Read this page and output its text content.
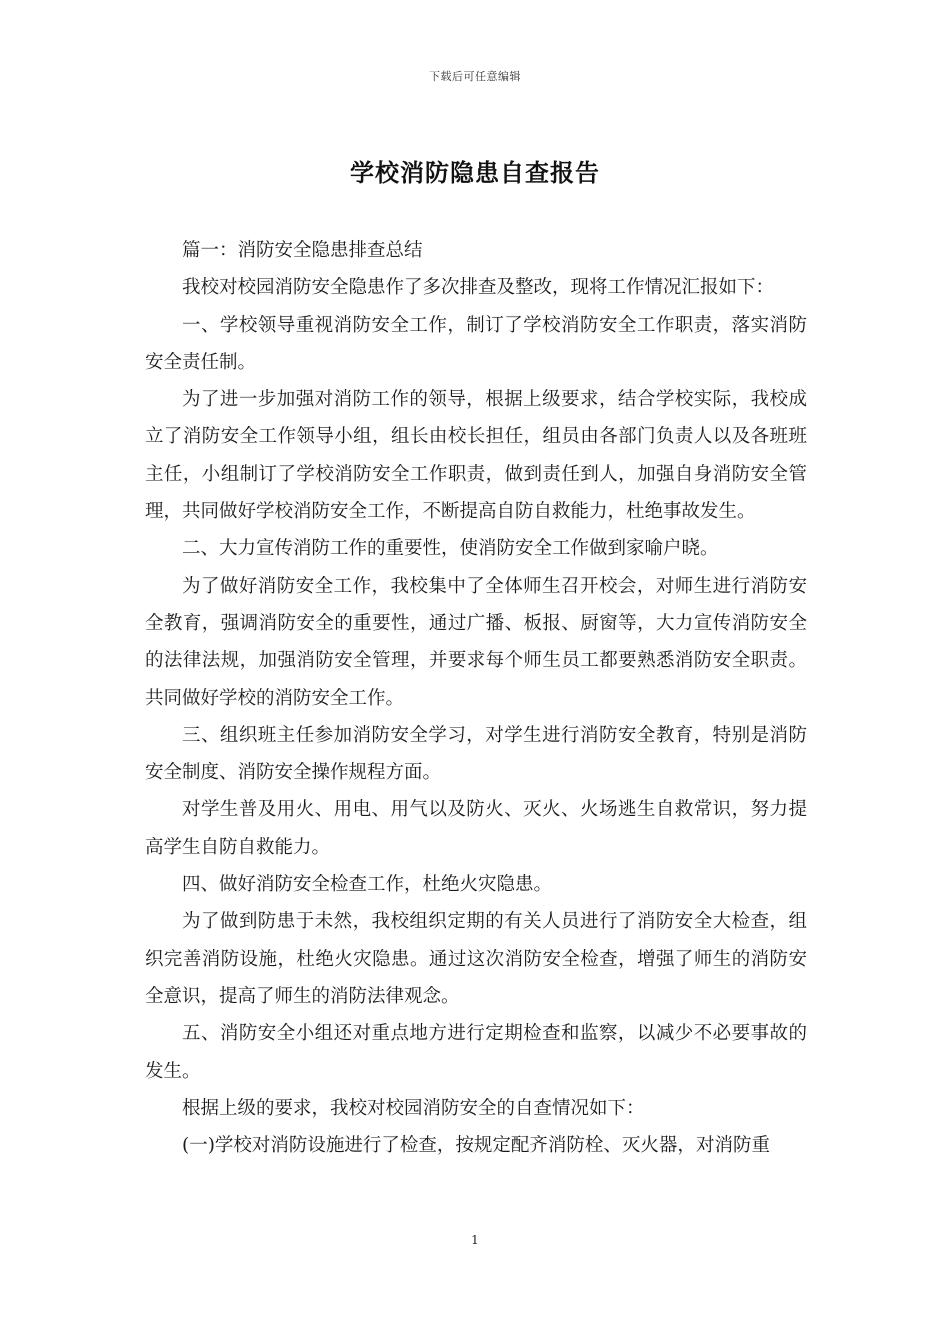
下载后可任意编辑
学校消防隐患自查报告

篇一：消防安全隐患排查总结

我校对校园消防安全隐患作了多次排查及整改，现将工作情况汇报如下：

一、学校领导重视消防安全工作，制订了学校消防安全工作职责，落实消防安全责任制。

为了进一步加强对消防工作的领导，根据上级要求，结合学校实际，我校成立了消防安全工作领导小组，组长由校长担任，组员由各部门负责人以及各班班主任，小组制订了学校消防安全工作职责，做到责任到人，加强自身消防安全管理，共同做好学校消防安全工作，不断提高自防自救能力，杜绝事故发生。

二、大力宣传消防工作的重要性，使消防安全工作做到家喻户晓。

为了做好消防安全工作，我校集中了全体师生召开校会，对师生进行消防安全教育，强调消防安全的重要性，通过广播、板报、厨窗等，大力宣传消防安全的法律法规，加强消防安全管理，并要求每个师生员工都要熟悉消防安全职责。共同做好学校的消防安全工作。

三、组织班主任参加消防安全学习，对学生进行消防安全教育，特别是消防安全制度、消防安全操作规程方面。

对学生普及用火、用电、用气以及防火、灭火、火场逃生自救常识，努力提高学生自防自救能力。

四、做好消防安全检查工作，杜绝火灾隐患。

为了做到防患于未然，我校组织定期的有关人员进行了消防安全大检查，组织完善消防设施，杜绝火灾隐患。通过这次消防安全检查，增强了师生的消防安全意识，提高了师生的消防法律观念。

五、消防安全小组还对重点地方进行定期检查和监察，以减少不必要事故的发生。

根据上级的要求，我校对校园消防安全的自查情况如下：

(一)学校对消防设施进行了检查，按规定配齐消防栓、灭火器，对消防重

1
